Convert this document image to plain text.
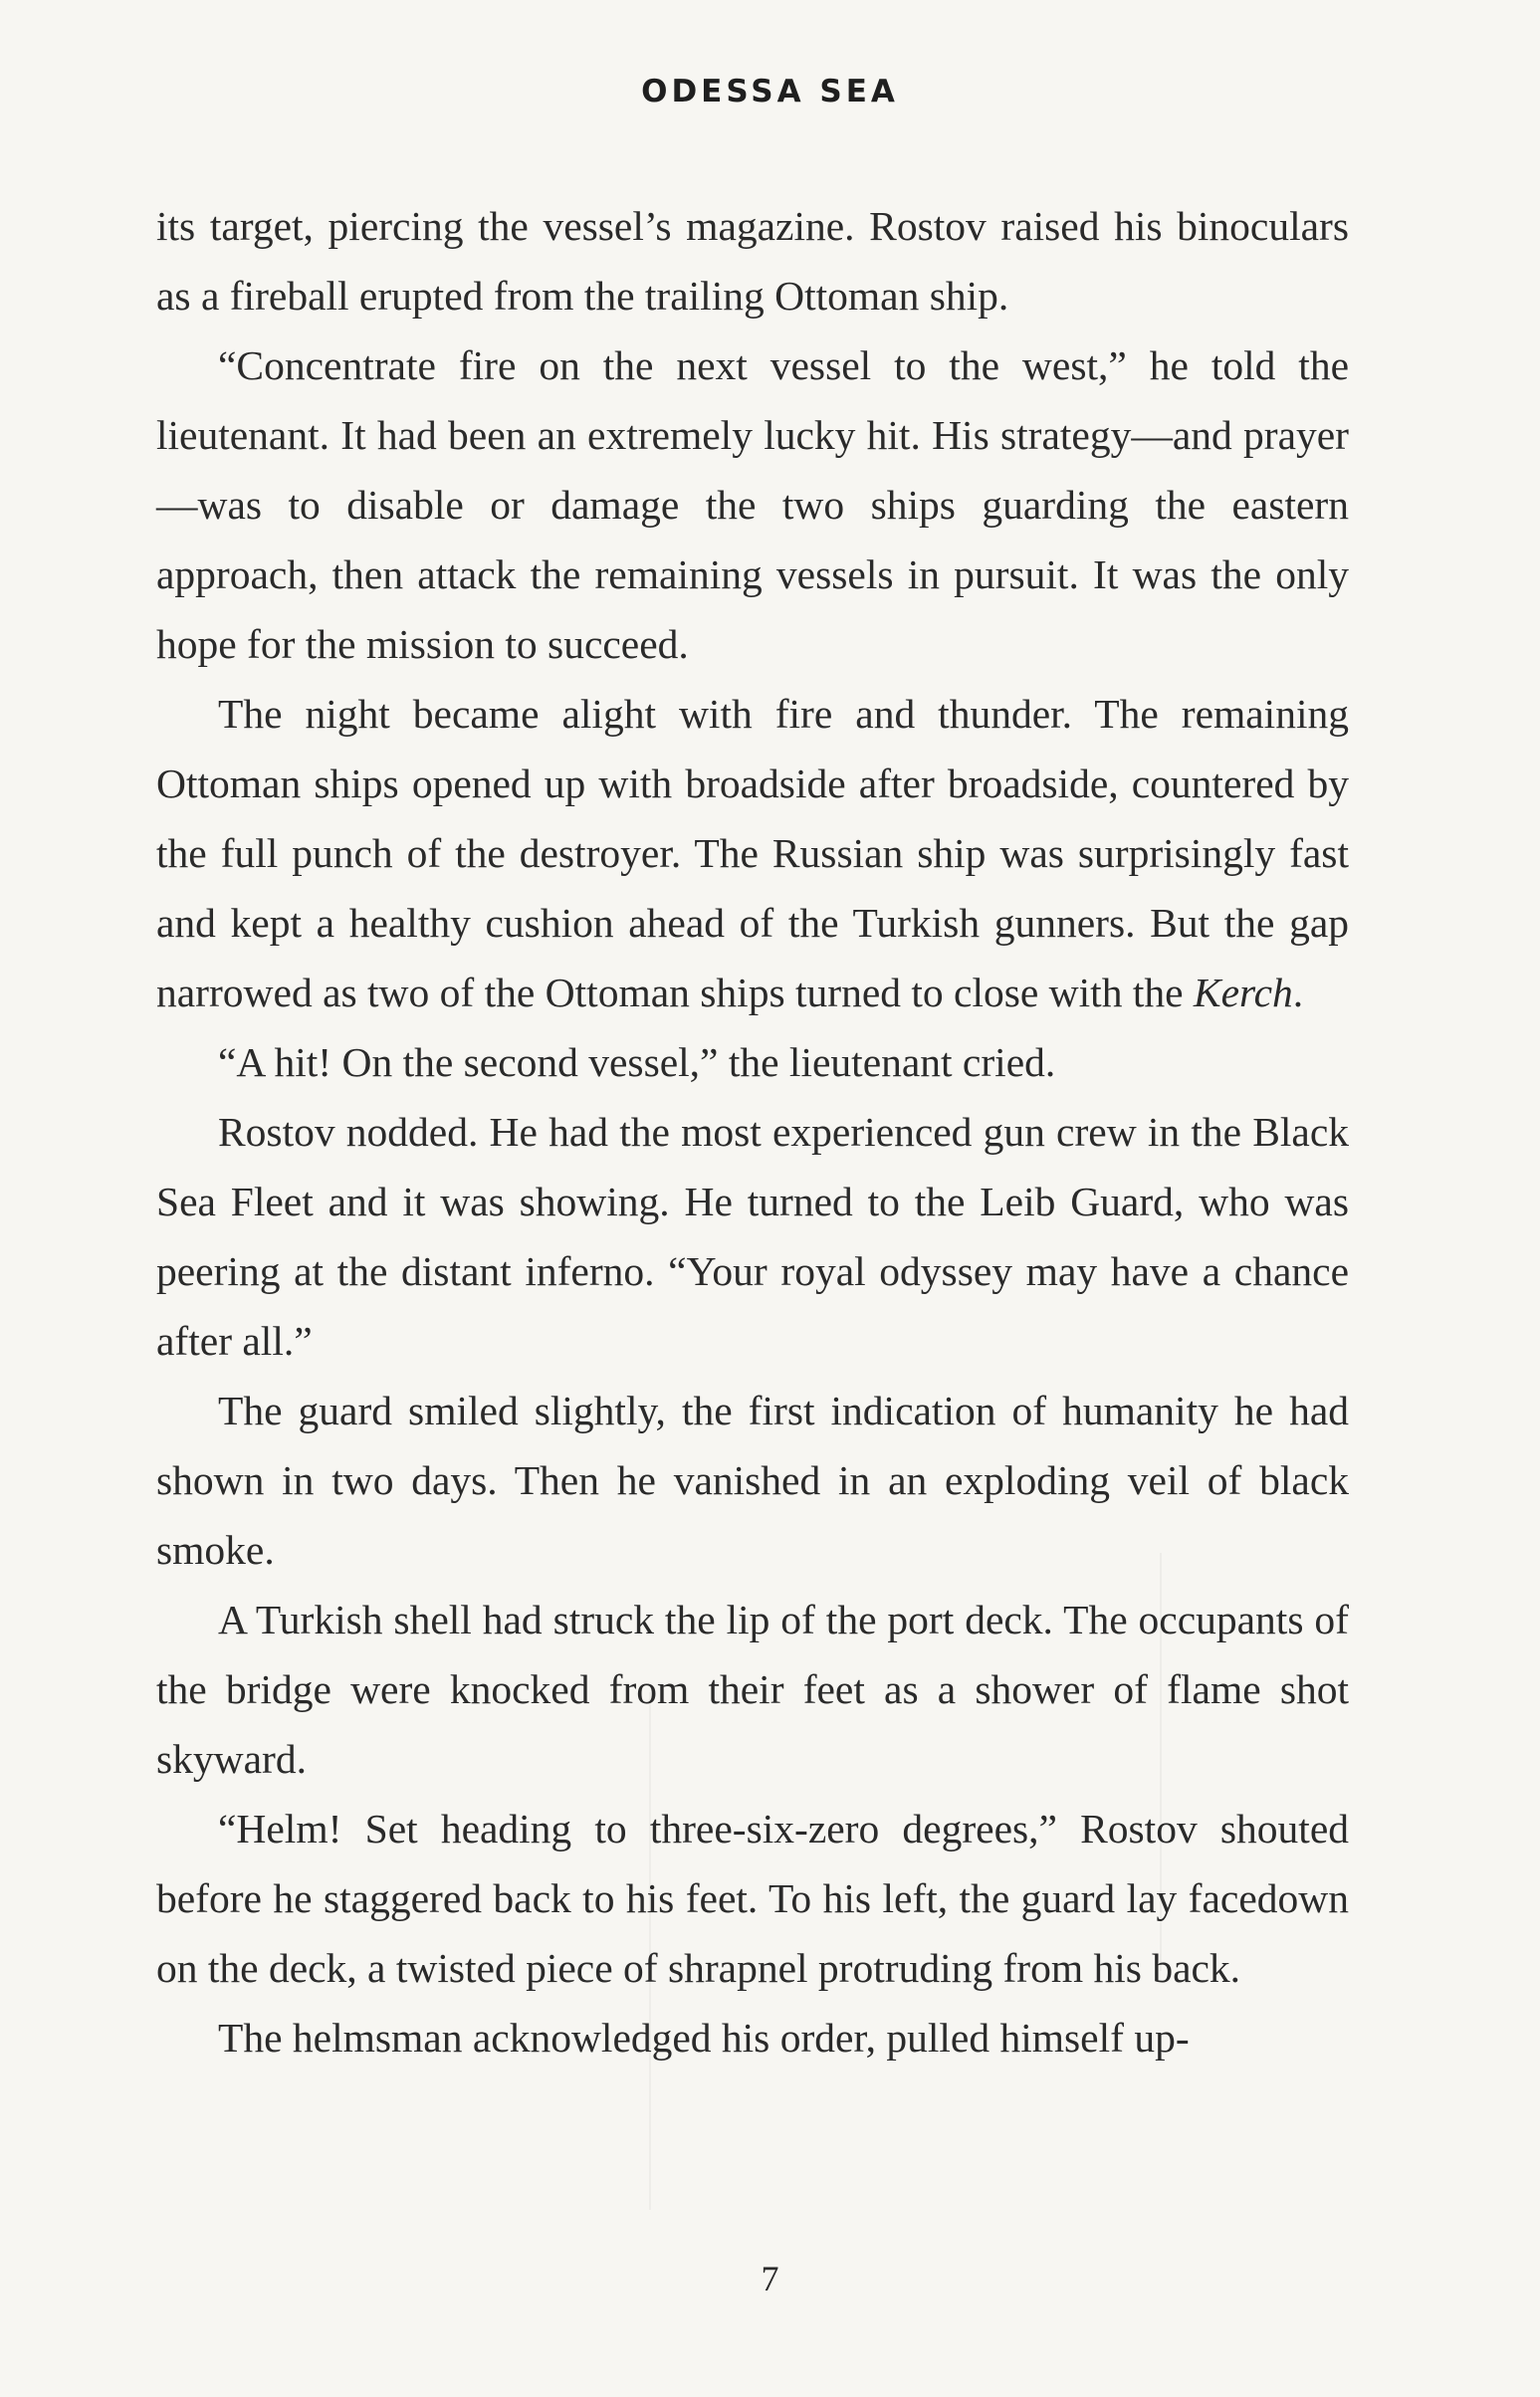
ODESSA SEA

its target, piercing the vessel’s magazine. Rostov raised his binoculars as a fireball erupted from the trailing Ottoman ship.

“Concentrate fire on the next vessel to the west,” he told the lieutenant. It had been an extremely lucky hit. His strategy—and prayer—was to disable or damage the two ships guarding the eastern approach, then attack the remaining vessels in pursuit. It was the only hope for the mission to succeed.

The night became alight with fire and thunder. The remaining Ottoman ships opened up with broadside after broadside, countered by the full punch of the destroyer. The Russian ship was surprisingly fast and kept a healthy cushion ahead of the Turkish gunners. But the gap narrowed as two of the Ottoman ships turned to close with the Kerch.

“A hit! On the second vessel,” the lieutenant cried.

Rostov nodded. He had the most experienced gun crew in the Black Sea Fleet and it was showing. He turned to the Leib Guard, who was peering at the distant inferno. “Your royal odyssey may have a chance after all.”

The guard smiled slightly, the first indication of humanity he had shown in two days. Then he vanished in an exploding veil of black smoke.

A Turkish shell had struck the lip of the port deck. The occupants of the bridge were knocked from their feet as a shower of flame shot skyward.

“Helm! Set heading to three-six-zero degrees,” Rostov shouted before he staggered back to his feet. To his left, the guard lay facedown on the deck, a twisted piece of shrapnel protruding from his back.

The helmsman acknowledged his order, pulled himself up-

7
